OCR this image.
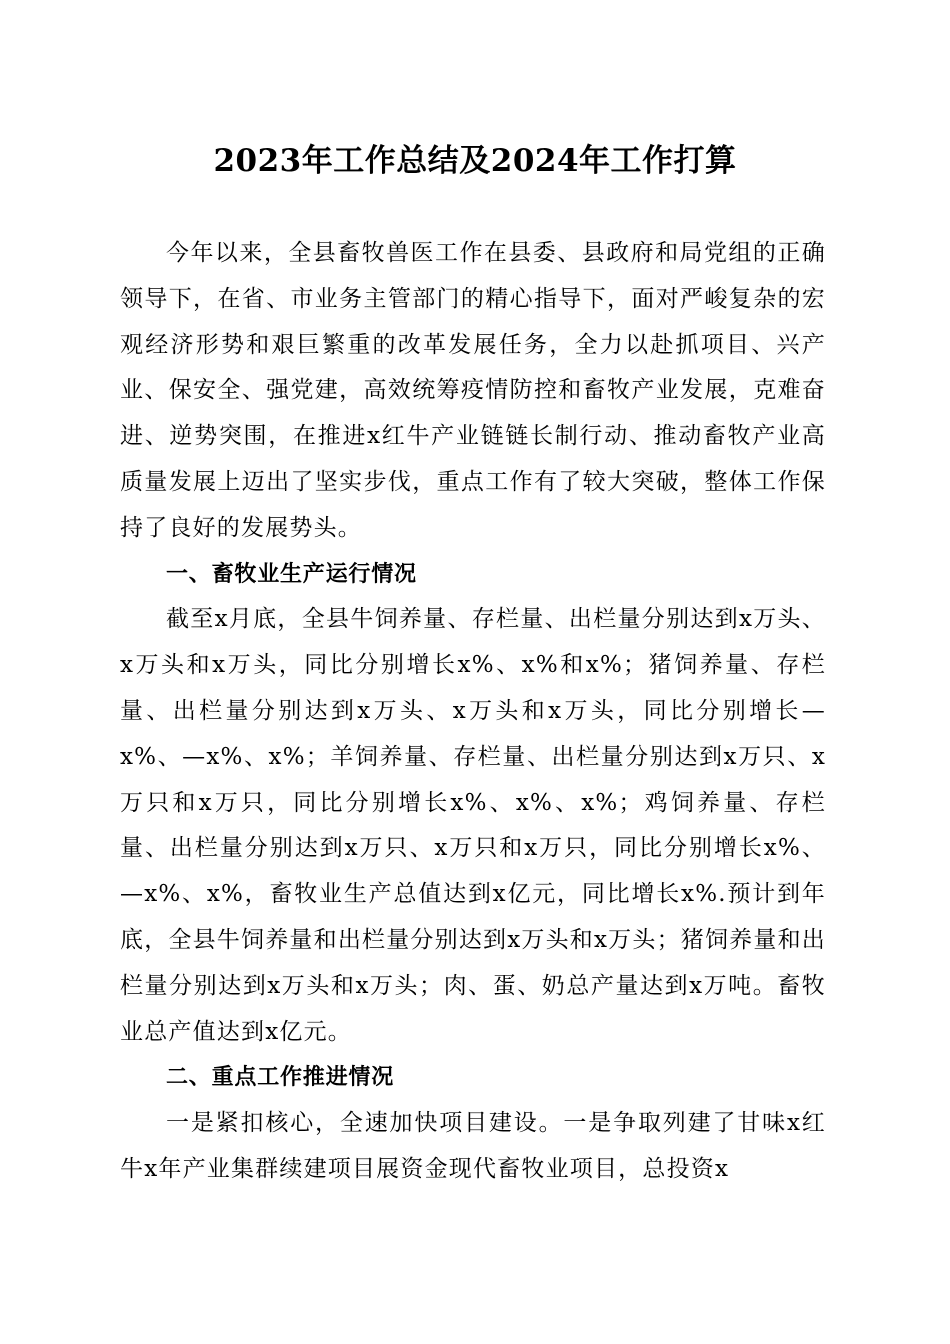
2023年工作总结及2024年工作打算

今年以来，全县畜牧兽医工作在县委、县政府和局党组的正确领导下，在省、市业务主管部门的精心指导下，面对严峻复杂的宏观经济形势和艰巨繁重的改革发展任务，全力以赴抓项目、兴产业、保安全、强党建，高效统筹疫情防控和畜牧产业发展，克难奋进、逆势突围，在推进x红牛产业链链长制行动、推动畜牧产业高质量发展上迈出了坚实步伐，重点工作有了较大突破，整体工作保持了良好的发展势头。

一、畜牧业生产运行情况

截至x月底，全县牛饲养量、存栏量、出栏量分别达到x万头、x万头和x万头，同比分别增长x%、x%和x%；猪饲养量、存栏量、出栏量分别达到x万头、x万头和x万头，同比分别增长—x%、—x%、x%；羊饲养量、存栏量、出栏量分别达到x万只、x万只和x万只，同比分别增长x%、x%、x%；鸡饲养量、存栏量、出栏量分别达到x万只、x万只和x万只，同比分别增长x%、—x%、x%，畜牧业生产总值达到x亿元，同比增长x%.预计到年底，全县牛饲养量和出栏量分别达到x万头和x万头；猪饲养量和出栏量分别达到x万头和x万头；肉、蛋、奶总产量达到x万吨。畜牧业总产值达到x亿元。

二、重点工作推进情况

一是紧扣核心，全速加快项目建设。一是争取列建了甘味x红牛x年产业集群续建项目展资金现代畜牧业项目，总投资x
